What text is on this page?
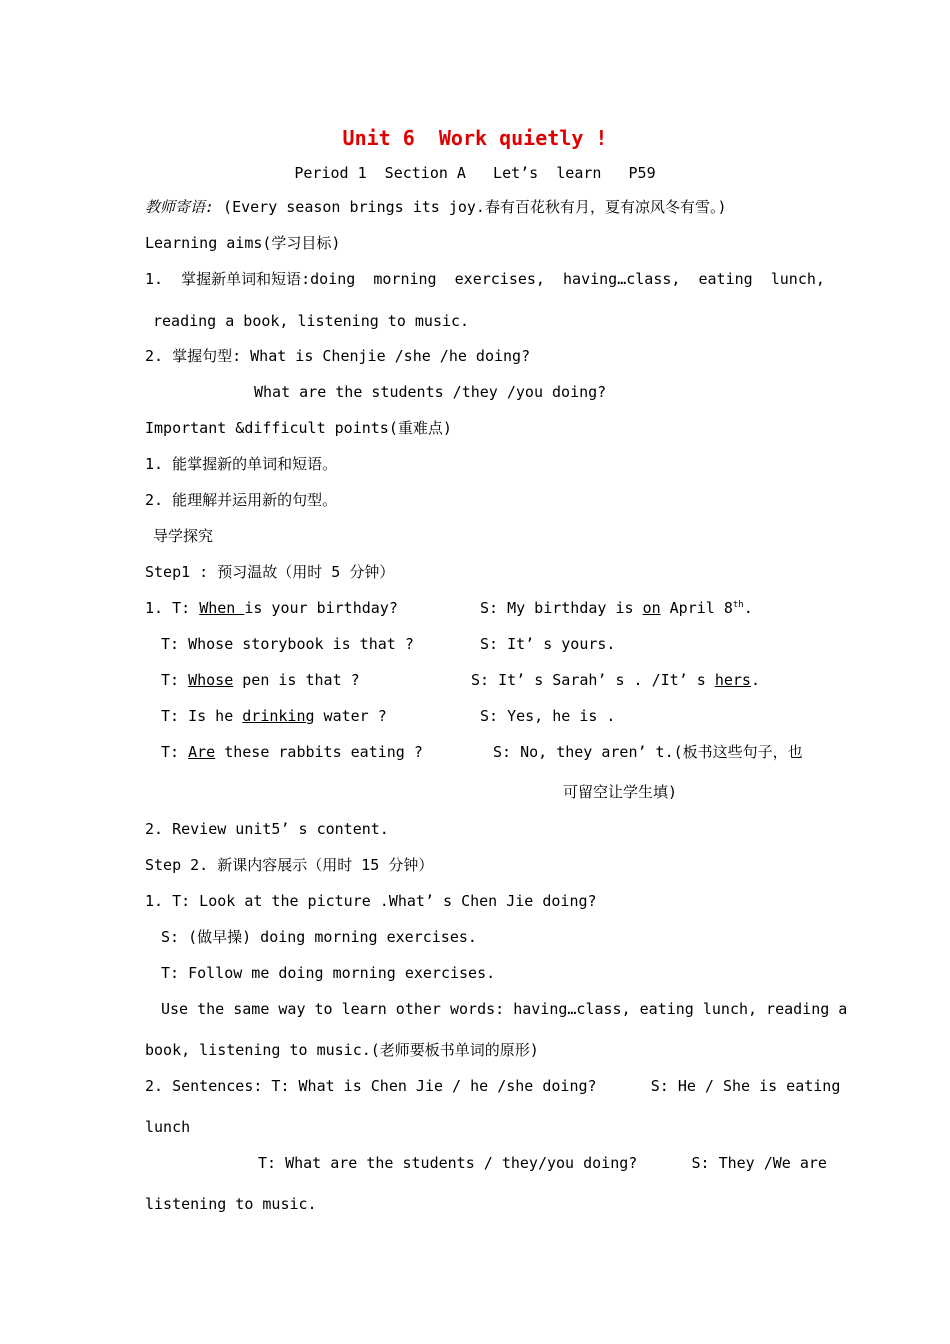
Unit 6  Work quietly !
Period 1  Section A   Let’s  learn   P59
教师寄语: (Every season brings its joy.春有百花秋有月，夏有凉风冬有雪。)
Learning aims(学习目标)
1.  掌握新单词和短语:doing  morning  exercises,  having…class,  eating  lunch,
reading a book, listening to music.
2. 掌握句型: What is Chenjie /she /he doing?
What are the students /they /you doing?
Important &difficult points(重难点)
1. 能掌握新的单词和短语。
2. 能理解并运用新的句型。
导学探究
Step1 : 预习温故（用时 5 分钟）
1. T: When is your birthday?	S: My birthday is on April 8th.
T: Whose storybook is that ?	S: It’ s yours.
T: Whose pen is that ?	S: It’ s Sarah’ s . /It’ s hers.
T: Is he drinking water ?	S: Yes, he is .
T: Are these rabbits eating ?	S: No, they aren’ t.(板书这些句子，也
可留空让学生填)
2. Review unit5’ s content.
Step 2. 新课内容展示（用时 15 分钟）
1. T: Look at the picture .What’ s Chen Jie doing?
S: (做早操) doing morning exercises.
T: Follow me doing morning exercises.
Use the same way to learn other words: having…class, eating lunch, reading a
book, listening to music.(老师要板书单词的原形)
2. Sentences: T: What is Chen Jie / he /she doing?      S: He / She is eating
lunch
T: What are the students / they/you doing?      S: They /We are
listening to music.
